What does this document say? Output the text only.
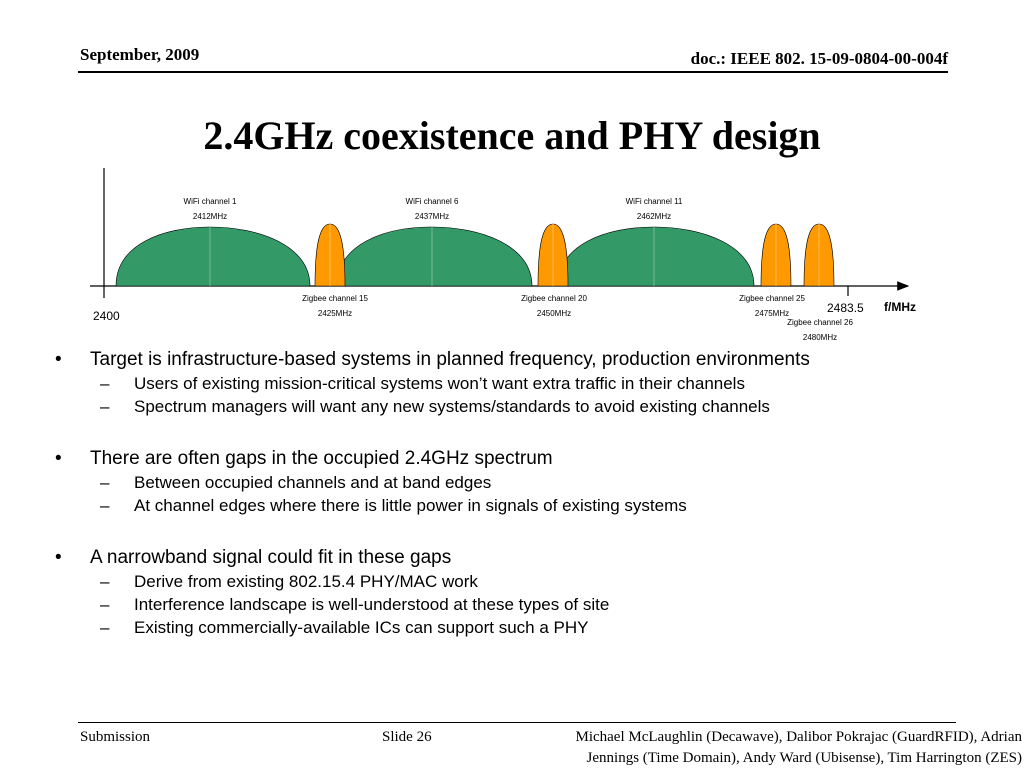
September, 2009	doc.: IEEE 802. 15-09-0804-00-004f
2.4GHz coexistence and PHY design
WiFi channel 1
2412MHz
WiFi channel 6
2437MHz
WiFi channel 11
2462MHz
Zigbee channel 15
2425MHz
Zigbee channel 20
2450MHz
Zigbee channel 25
2475MHz
Zigbee channel 26
2480MHz
2400
2483.5 f/MHz
• Target is infrastructure-based systems in planned frequency, production environments
– Users of existing mission-critical systems won’t want extra traffic in their channels
– Spectrum managers will want any new systems/standards to avoid existing channels
• There are often gaps in the occupied 2.4GHz spectrum
– Between occupied channels and at band edges
– At channel edges where there is little power in signals of existing systems
• A narrowband signal could fit in these gaps
– Derive from existing 802.15.4 PHY/MAC work
– Interference landscape is well-understood at these types of site
– Existing commercially-available ICs can support such a PHY
Submission	Slide 26	Michael McLaughlin (Decawave), Dalibor Pokrajac (GuardRFID), Adrian
Jennings (Time Domain), Andy Ward (Ubisense), Tim Harrington (ZES)
